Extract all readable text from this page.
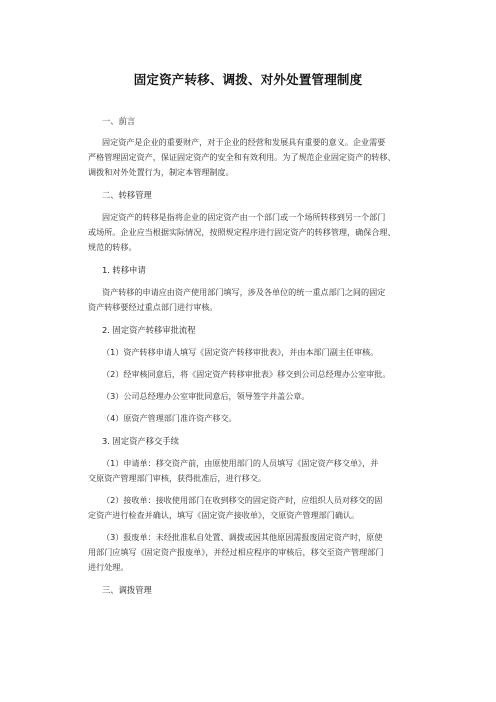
固定资产转移、调拨、对外处置管理制度
一、前言
固定资产是企业的重要财产，对于企业的经营和发展具有重要的意义。企业需要
严格管理固定资产，保证固定资产的安全和有效利用。为了规范企业固定资产的转移、
调拨和对外处置行为，制定本管理制度。
二、转移管理
固定资产的转移是指将企业的固定资产由一个部门或一个场所转移到另一个部门
或场所。企业应当根据实际情况，按照规定程序进行固定资产的转移管理，确保合理、
规范的转移。
1. 转移申请
资产转移的申请应由资产使用部门填写，涉及各单位的统一重点部门之间的固定
资产转移要经过重点部门进行审核。
2. 固定资产转移审批流程
（1）资产转移申请人填写《固定资产转移审批表》，并由本部门副主任审核。
（2）经审核同意后，将《固定资产转移审批表》移交到公司总经理办公室审批。
（3）公司总经理办公室审批同意后，领导签字并盖公章。
（4）原资产管理部门准许资产移交。
3. 固定资产移交手续
（1）申请单：移交资产前，由原使用部门的人员填写《固定资产移交单》，并
交原资产管理部门审核，获得批准后，进行移交。
（2）接收单：接收使用部门在收到移交的固定资产时，应组织人员对移交的固
定资产进行检查并确认，填写《固定资产接收单》，交原资产管理部门确认。
（3）报废单：未经批准私自处置、调拨或因其他原因需报废固定资产时，原使
用部门应填写《固定资产报废单》，并经过相应程序的审核后，移交至资产管理部门
进行处理。
三、调拨管理
